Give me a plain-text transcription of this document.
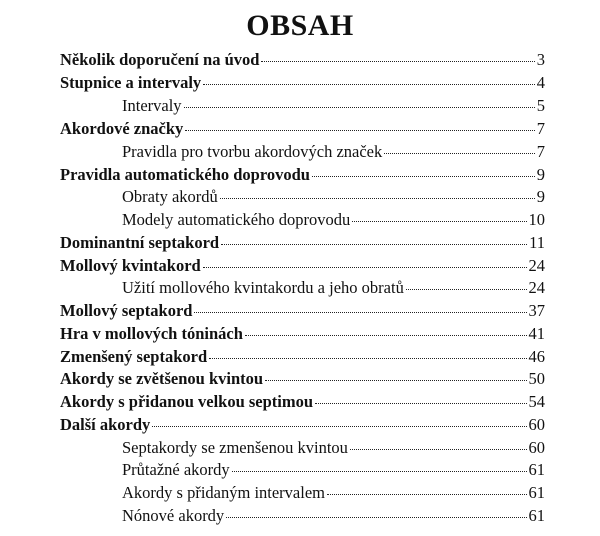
OBSAH
Několik doporučení na úvod	3
Stupnice a intervaly	4
Intervaly	5
Akordové značky	7
Pravidla pro tvorbu akordových značek	7
Pravidla automatického doprovodu	9
Obraty akordů	9
Modely automatického doprovodu	10
Dominantní septakord	11
Mollový kvintakord	24
Užití mollového kvintakordu a jeho obratů	24
Mollový septakord	37
Hra v mollových tóninách	41
Zmenšený septakord	46
Akordy se zvětšenou kvintou	50
Akordy s přidanou velkou septimou	54
Další akordy	60
Septakordy se zmenšenou kvintou	60
Průtažné akordy	61
Akordy s přidaným intervalem	61
Nónové akordy	61
